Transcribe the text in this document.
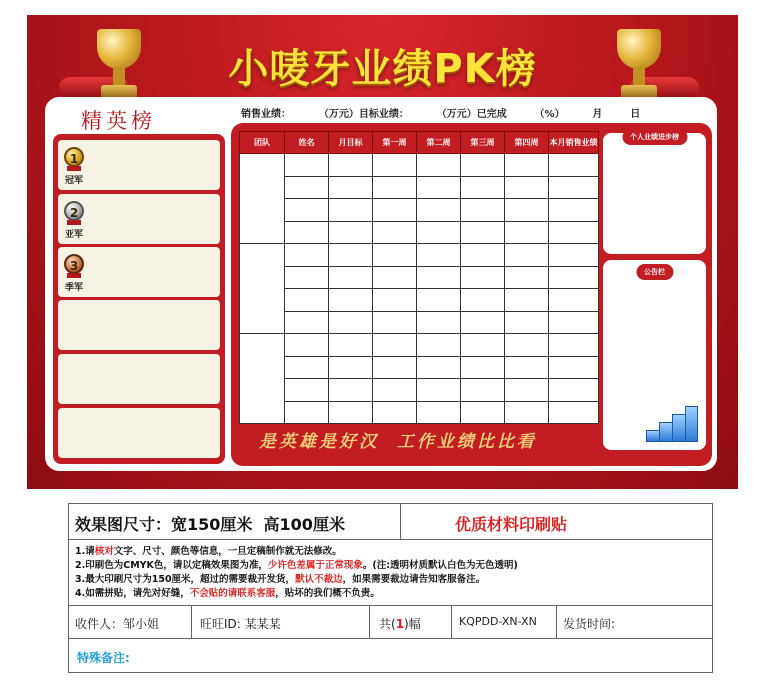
小唛牙业绩PK榜
精英榜
1
冠军
2
亚军
3
季军
销售业绩：        （万元）目标业绩：        （万元）已完成        （%）        月        日
团队	姓名	月目标	第一周	第二周	第三周	第四周	本月销售业绩

是英雄是好汉  工作业绩比比看
个人业绩进步榜
公告栏
效果图尺寸：宽150厘米  高100厘米	优质材料印刷贴
1.请核对文字、尺寸、颜色等信息，一旦定稿制作就无法修改。
2.印刷色为CMYK色，请以定稿效果图为准，少许色差属于正常现象。(注:透明材质默认白色为无色透明)
3.最大印刷尺寸为150厘米，超过的需要裁开发货，默认不裁边，如果需要裁边请告知客服备注。
4.如需拼贴，请先对好缝，不会贴的请联系客服，贴坏的我们概不负责。
收件人：邹小姐	旺旺ID: 某某某	共(1)幅	KQPDD-XN-XN 发货时间:
特殊备注:
